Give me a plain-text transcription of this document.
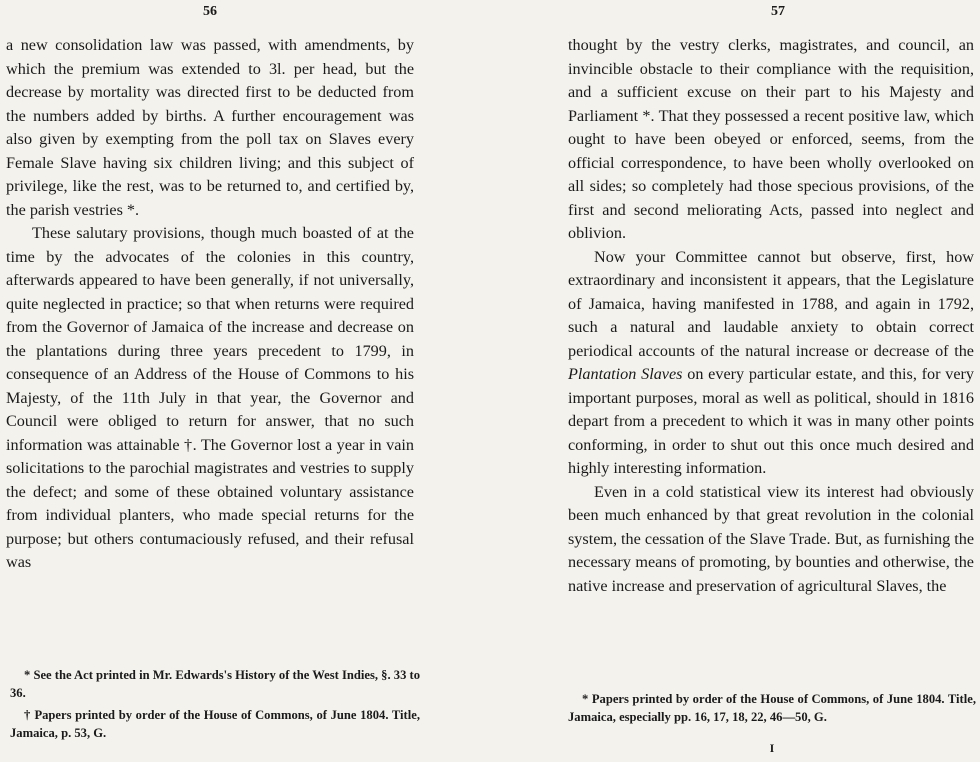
56

a new consolidation law was passed, with amendments, by which the premium was extended to 3l. per head, but the decrease by mortality was directed first to be deducted from the numbers added by births. A further encouragement was also given by exempting from the poll tax on Slaves every Female Slave having six children living; and this subject of privilege, like the rest, was to be returned to, and certified by, the parish vestries *.

These salutary provisions, though much boasted of at the time by the advocates of the colonies in this country, afterwards appeared to have been generally, if not universally, quite neglected in practice; so that when returns were required from the Governor of Jamaica of the increase and decrease on the plantations during three years precedent to 1799, in consequence of an Address of the House of Commons to his Majesty, of the 11th July in that year, the Governor and Council were obliged to return for answer, that no such information was attainable †. The Governor lost a year in vain solicitations to the parochial magistrates and vestries to supply the defect; and some of these obtained voluntary assistance from individual planters, who made special returns for the purpose; but others contumaciously refused, and their refusal was

* See the Act printed in Mr. Edwards's History of the West Indies, §. 33 to 36.

† Papers printed by order of the House of Commons, of June 1804. Title, Jamaica, p. 53, G.

57

thought by the vestry clerks, magistrates, and council, an invincible obstacle to their compliance with the requisition, and a sufficient excuse on their part to his Majesty and Parliament *. That they possessed a recent positive law, which ought to have been obeyed or enforced, seems, from the official correspondence, to have been wholly overlooked on all sides; so completely had those specious provisions, of the first and second meliorating Acts, passed into neglect and oblivion.

Now your Committee cannot but observe, first, how extraordinary and inconsistent it appears, that the Legislature of Jamaica, having manifested in 1788, and again in 1792, such a natural and laudable anxiety to obtain correct periodical accounts of the natural increase or decrease of the Plantation Slaves on every particular estate, and this, for very important purposes, moral as well as political, should in 1816 depart from a precedent to which it was in many other points conforming, in order to shut out this once much desired and highly interesting information.

Even in a cold statistical view its interest had obviously been much enhanced by that great revolution in the colonial system, the cessation of the Slave Trade. But, as furnishing the necessary means of promoting, by bounties and otherwise, the native increase and preservation of agricultural Slaves, the

* Papers printed by order of the House of Commons, of June 1804. Title, Jamaica, especially pp. 16, 17, 18, 22, 46—50, G.

I
